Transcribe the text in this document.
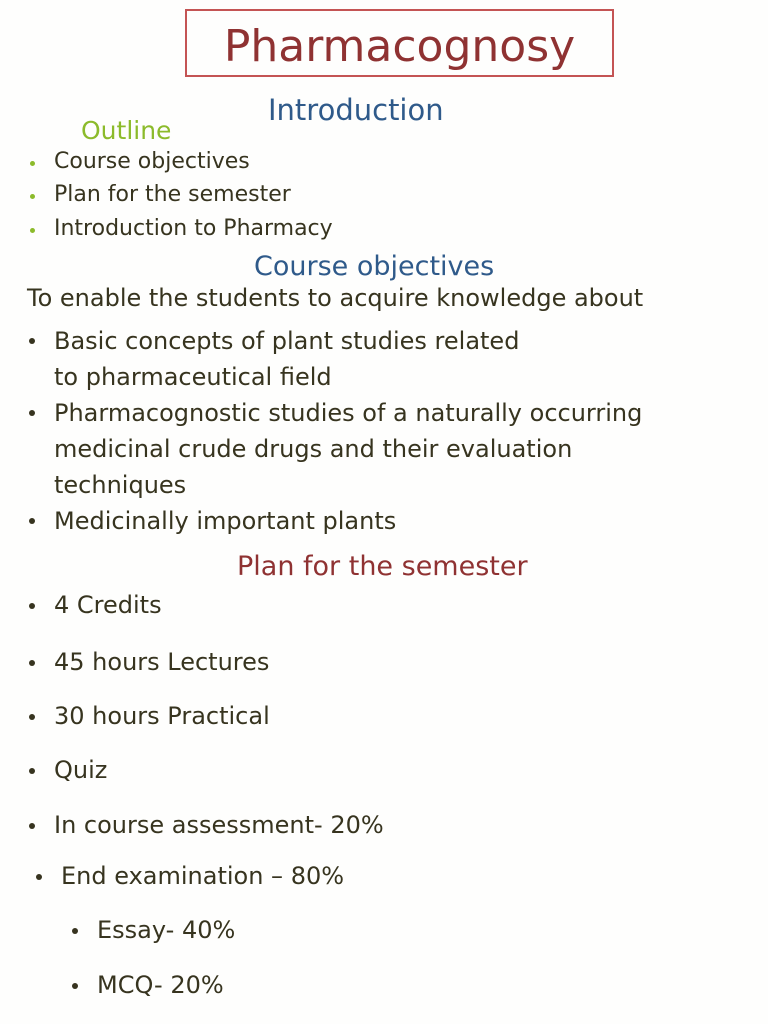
Pharmacognosy
Introduction
Outline
Course objectives
Plan for the semester
Introduction to Pharmacy
Course objectives
To enable the students to acquire knowledge about
Basic concepts of plant studies related
to pharmaceutical field
Pharmacognostic studies of a naturally occurring
medicinal crude drugs and their evaluation
techniques
Medicinally important plants
Plan for the semester
4 Credits
45 hours Lectures
30 hours Practical
Quiz
In course assessment- 20%
End examination – 80%
Essay- 40%
MCQ- 20%
